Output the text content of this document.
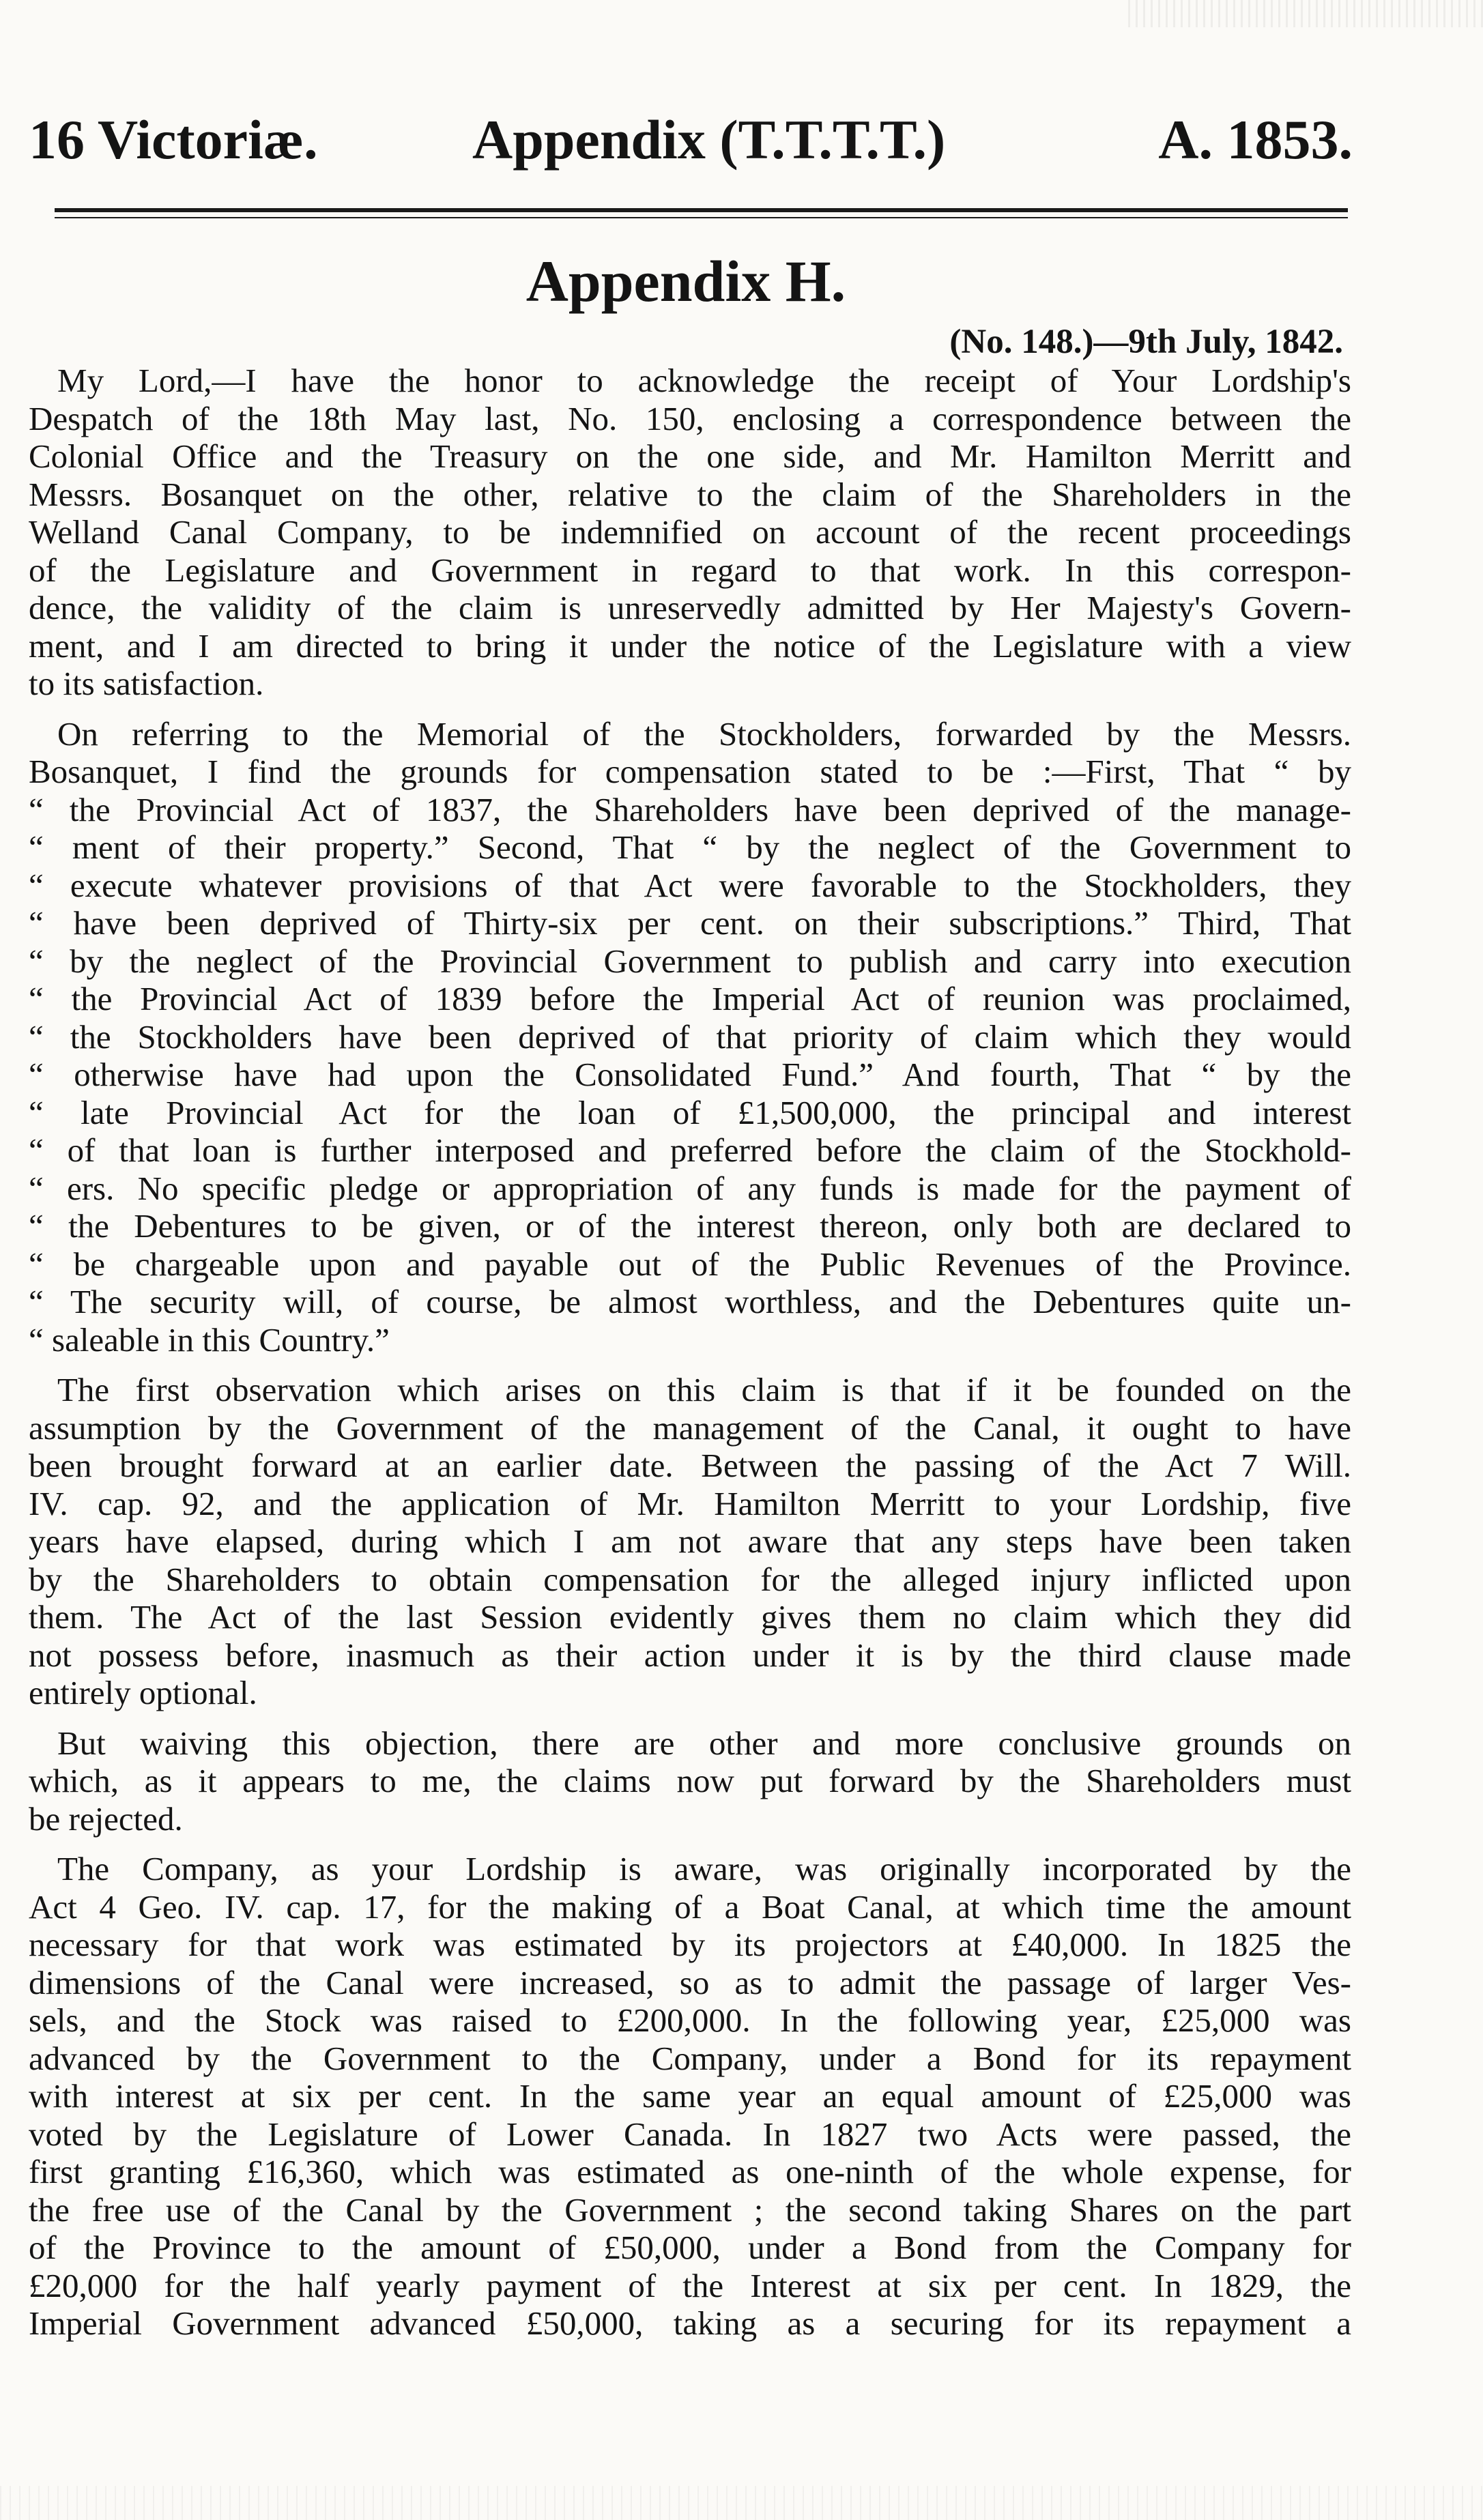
16 Victoriæ.	Appendix (T.T.T.T.)	A. 1853.
Appendix H.
(No. 148.)—9th July, 1842.
My Lord,—I have the honor to acknowledge the receipt of Your Lordship's
Despatch of the 18th May last, No. 150, enclosing a correspondence between the
Colonial Office and the Treasury on the one side, and Mr. Hamilton Merritt and
Messrs. Bosanquet on the other, relative to the claim of the Shareholders in the
Welland Canal Company, to be indemnified on account of the recent proceedings
of the Legislature and Government in regard to that work. In this correspon-
dence, the validity of the claim is unreservedly admitted by Her Majesty's Govern-
ment, and I am directed to bring it under the notice of the Legislature with a view
to its satisfaction.
On referring to the Memorial of the Stockholders, forwarded by the Messrs.
Bosanquet, I find the grounds for compensation stated to be :—First, That “ by
“ the Provincial Act of 1837, the Shareholders have been deprived of the manage-
“ ment of their property.” Second, That “ by the neglect of the Government to
“ execute whatever provisions of that Act were favorable to the Stockholders, they
“ have been deprived of Thirty-six per cent. on their subscriptions.” Third, That
“ by the neglect of the Provincial Government to publish and carry into execution
“ the Provincial Act of 1839 before the Imperial Act of reunion was proclaimed,
“ the Stockholders have been deprived of that priority of claim which they would
“ otherwise have had upon the Consolidated Fund.” And fourth, That “ by the
“ late Provincial Act for the loan of £1,500,000, the principal and interest
“ of that loan is further interposed and preferred before the claim of the Stockhold-
“ ers. No specific pledge or appropriation of any funds is made for the payment of
“ the Debentures to be given, or of the interest thereon, only both are declared to
“ be chargeable upon and payable out of the Public Revenues of the Province.
“ The security will, of course, be almost worthless, and the Debentures quite un-
“ saleable in this Country.”
The first observation which arises on this claim is that if it be founded on the
assumption by the Government of the management of the Canal, it ought to have
been brought forward at an earlier date. Between the passing of the Act 7 Will.
IV. cap. 92, and the application of Mr. Hamilton Merritt to your Lordship, five
years have elapsed, during which I am not aware that any steps have been taken
by the Shareholders to obtain compensation for the alleged injury inflicted upon
them. The Act of the last Session evidently gives them no claim which they did
not possess before, inasmuch as their action under it is by the third clause made
entirely optional.
But waiving this objection, there are other and more conclusive grounds on
which, as it appears to me, the claims now put forward by the Shareholders must
be rejected.
The Company, as your Lordship is aware, was originally incorporated by the
Act 4 Geo. IV. cap. 17, for the making of a Boat Canal, at which time the amount
necessary for that work was estimated by its projectors at £40,000. In 1825 the
dimensions of the Canal were increased, so as to admit the passage of larger Ves-
sels, and the Stock was raised to £200,000. In the following year, £25,000 was
advanced by the Government to the Company, under a Bond for its repayment
with interest at six per cent. In the same year an equal amount of £25,000 was
voted by the Legislature of Lower Canada. In 1827 two Acts were passed, the
first granting £16,360, which was estimated as one-ninth of the whole expense, for
the free use of the Canal by the Government ; the second taking Shares on the part
of the Province to the amount of £50,000, under a Bond from the Company for
£20,000 for the half yearly payment of the Interest at six per cent. In 1829, the
Imperial Government advanced £50,000, taking as a securing for its repayment a
